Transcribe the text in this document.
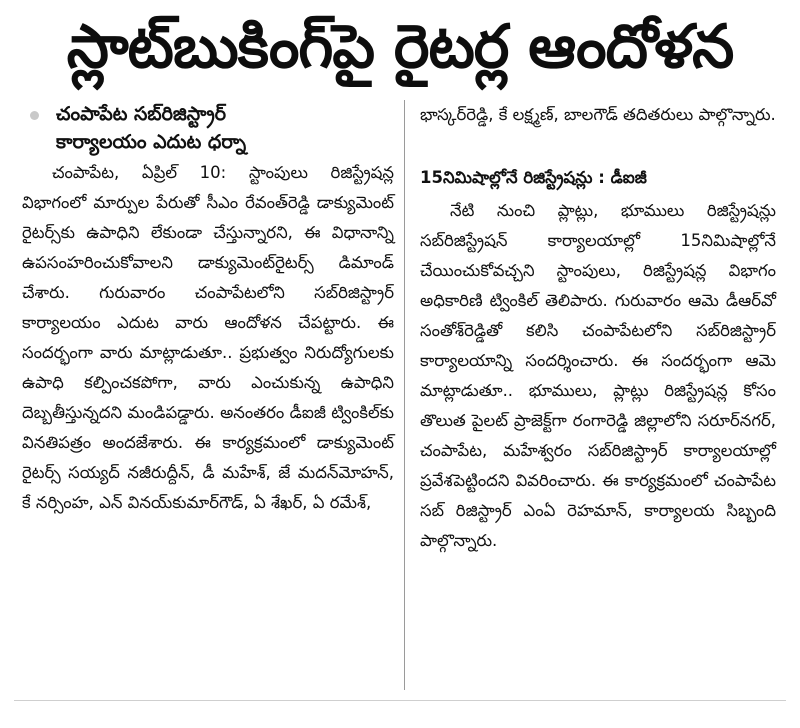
స్లాట్‌బుకింగ్‌పై రైటర్ల ఆందోళన
చంపాపేట సబ్‌రిజిస్ట్రార్
కార్యాలయం ఎదుట ధర్నా

చంపాపేట, ఏప్రిల్‌ 10: స్టాంపులు రిజిస్ట్రేషన్ల విభాగంలో మార్పుల పేరుతో సీఎం రేవంత్‌రెడ్డి డాక్యుమెంట్‌ రైటర్స్‌కు ఉపాధిని లేకుండా చేస్తున్నారని, ఈ విధానాన్ని ఉపసంహరించుకోవాలని డాక్యుమెంట్‌రైటర్స్‌ డిమాండ్‌ చేశారు. గురువారం చంపాపేటలోని సబ్‌రిజిస్ట్రార్‌ కార్యాలయం ఎదుట వారు ఆందోళన చేపట్టారు. ఈ సందర్భంగా వారు మాట్లాడుతూ.. ప్రభుత్వం నిరుద్యోగులకు ఉపాధి కల్పించకపోగా, వారు ఎంచుకున్న ఉపాధిని దెబ్బతీస్తున్నదని మండిపడ్డారు. అనంతరం డీఐజీ ట్వింకిల్‌కు వినతిపత్రం అందజేశారు. ఈ కార్యక్రమంలో డాక్యుమెంట్‌ రైటర్స్‌ సయ్యద్‌ నజీరుద్దీన్‌, డీ మహేశ్‌, జే మదన్‌మోహన్‌, కే నర్సింహ, ఎన్‌ వినయ్‌కుమార్‌గౌడ్‌, ఏ శేఖర్‌, ఏ రమేశ్‌,

భాస్కర్‌రెడ్డి, కే లక్ష్మణ్‌, బాలగౌడ్‌ తదితరులు పాల్గొన్నారు.

15నిమిషాల్లోనే రిజిస్ట్రేషన్లు : డీఐజీ

నేటి నుంచి ప్లాట్లు, భూములు రిజిస్ట్రేషన్లు సబ్‌రిజిస్ట్రేషన్‌ కార్యాలయాల్లో 15నిమిషాల్లోనే చేయించుకోవచ్చని స్టాంపులు, రిజిస్ట్రేషన్ల విభాగం అధికారిణి ట్వింకిల్‌ తెలిపారు. గురువారం ఆమె డీఆర్‌వో సంతోశ్‌రెడ్డితో కలిసి చంపాపేటలోని సబ్‌రిజిస్ట్రార్‌ కార్యాలయాన్ని సందర్శించారు. ఈ సందర్భంగా ఆమె మాట్లాడుతూ.. భూములు, ప్లాట్లు రిజిస్ట్రేషన్ల కోసం తొలుత పైలట్‌ ప్రాజెక్ట్‌గా రంగారెడ్డి జిల్లాలోని సరూర్‌నగర్‌, చంపాపేట, మహేశ్వరం సబ్‌రిజిస్ట్రార్‌ కార్యాలయాల్లో ప్రవేశపెట్టిందని వివరించారు. ఈ కార్యక్రమంలో చంపాపేట సబ్‌ రిజిస్ట్రార్‌ ఎంఏ రెహమాన్‌, కార్యాలయ సిబ్బంది పాల్గొన్నారు.
